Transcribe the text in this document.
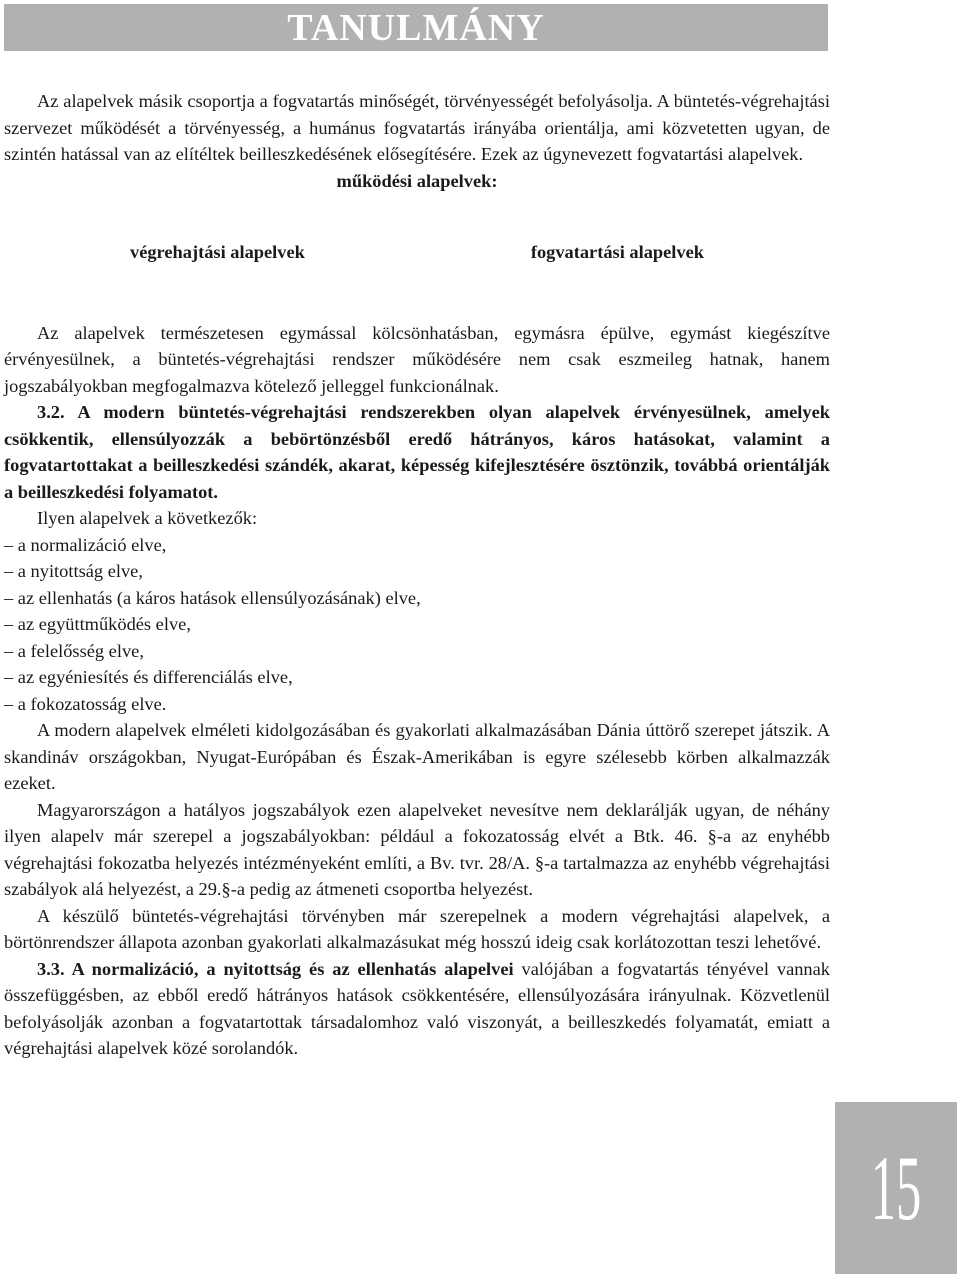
TANULMÁNY

Az alapelvek másik csoportja a fogvatartás minőségét, törvényességét befolyásolja. A büntetés-végrehajtási szervezet működését a törvényesség, a humánus fogvatartás irányába orientálja, ami közvetetten ugyan, de szintén hatással van az elítéltek beilleszkedésének elősegítésére. Ezek az úgynevezett fogvatartási alapelvek.

működési alapelvek:

végrehajtási alapelvek	fogvatartási alapelvek

Az alapelvek természetesen egymással kölcsönhatásban, egymásra épülve, egymást kiegészítve érvényesülnek, a büntetés-végrehajtási rendszer működésére nem csak eszmeileg hatnak, hanem jogszabályokban megfogalmazva kötelező jelleggel funkcionálnak.

3.2. A modern büntetés-végrehajtási rendszerekben olyan alapelvek érvényesülnek, amelyek csökkentik, ellensúlyozzák a bebörtönzésből eredő hátrányos, káros hatásokat, valamint a fogvatartottakat a beilleszkedési szándék, akarat, képesség kifejlesztésére ösztönzik, továbbá orientálják a beilleszkedési folyamatot.

Ilyen alapelvek a következők:

– a normalizáció elve,
– a nyitottság elve,
– az ellenhatás (a káros hatások ellensúlyozásának) elve,
– az együttműködés elve,
– a felelősség elve,
– az egyéniesítés és differenciálás elve,
– a fokozatosság elve.

A modern alapelvek elméleti kidolgozásában és gyakorlati alkalmazásában Dánia úttörő szerepet játszik. A skandináv országokban, Nyugat-Európában és Észak-Amerikában is egyre szélesebb körben alkalmazzák ezeket.

Magyarországon a hatályos jogszabályok ezen alapelveket nevesítve nem deklarálják ugyan, de néhány ilyen alapelv már szerepel a jogszabályokban: például a fokozatosság elvét a Btk. 46. §-a az enyhébb végrehajtási fokozatba helyezés intézményeként említi, a Bv. tvr. 28/A. §-a tartalmazza az enyhébb végrehajtási szabályok alá helyezést, a 29.§-a pedig az átmeneti csoportba helyezést.

A készülő büntetés-végrehajtási törvényben már szerepelnek a modern végrehajtási alapelvek, a börtönrendszer állapota azonban gyakorlati alkalmazásukat még hosszú ideig csak korlátozottan teszi lehetővé.

3.3. A normalizáció, a nyitottság és az ellenhatás alapelvei valójában a fogvatartás tényével vannak összefüggésben, az ebből eredő hátrányos hatások csökkentésére, ellensúlyozására irányulnak. Közvetlenül befolyásolják azonban a fogvatartottak társadalomhoz való viszonyát, a beilleszkedés folyamatát, emiatt a végrehajtási alapelvek közé sorolandók.

15
